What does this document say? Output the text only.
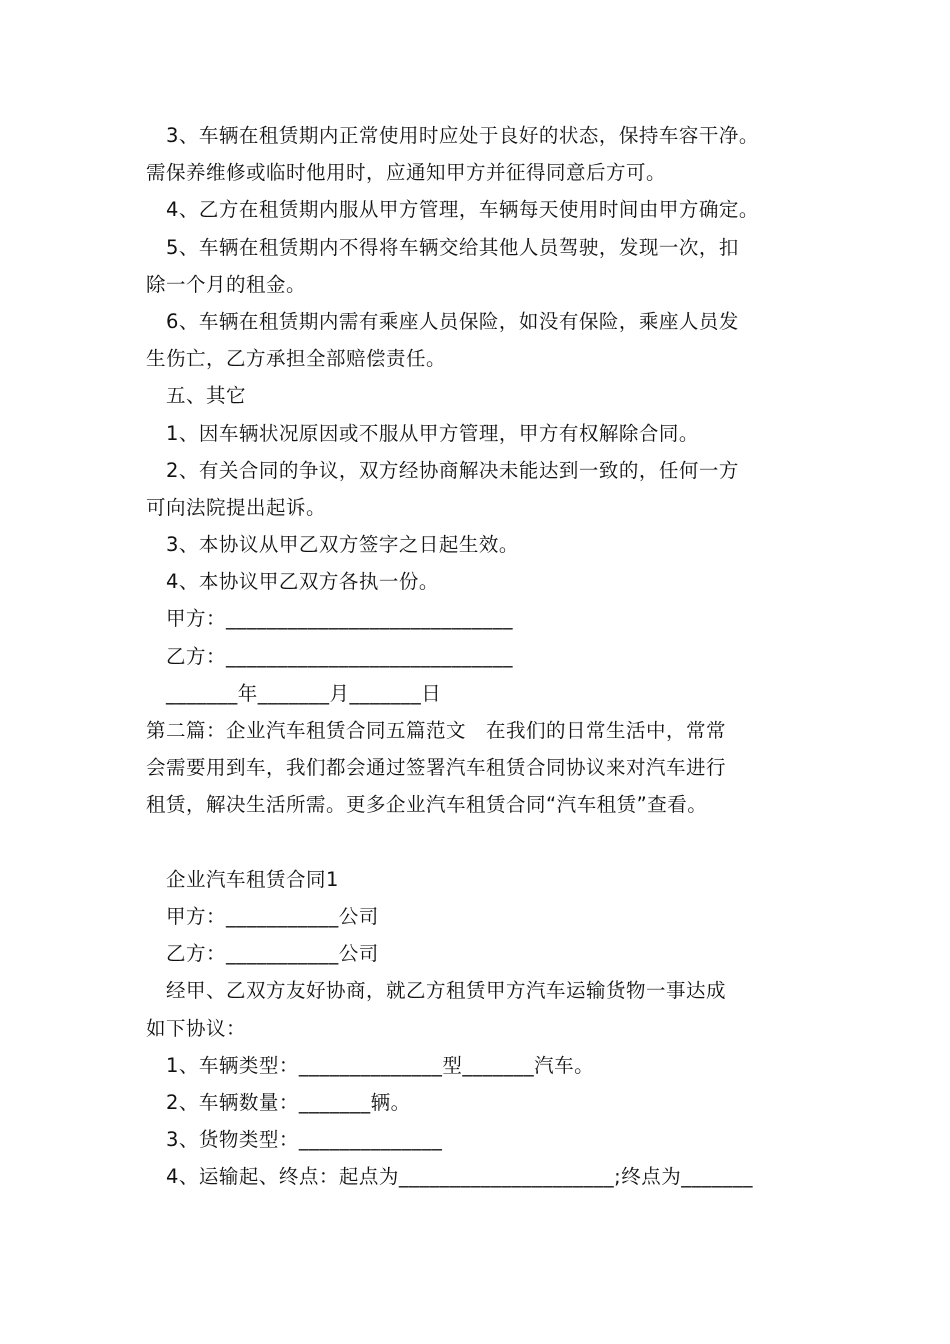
3、车辆在租赁期内正常使用时应处于良好的状态，保持车容干净。
需保养维修或临时他用时，应通知甲方并征得同意后方可。
4、乙方在租赁期内服从甲方管理，车辆每天使用时间由甲方确定。
5、车辆在租赁期内不得将车辆交给其他人员驾驶，发现一次，扣
除一个月的租金。
6、车辆在租赁期内需有乘座人员保险，如没有保险，乘座人员发
生伤亡，乙方承担全部赔偿责任。
五、其它
1、因车辆状况原因或不服从甲方管理，甲方有权解除合同。
2、有关合同的争议，双方经协商解决未能达到一致的，任何一方
可向法院提出起诉。
3、本协议从甲乙双方签字之日起生效。
4、本协议甲乙双方各执一份。
甲方：____________________________
乙方：____________________________
_______年_______月_______日
第二篇：企业汽车租赁合同五篇范文　在我们的日常生活中，常常
会需要用到车，我们都会通过签署汽车租赁合同协议来对汽车进行
租赁，解决生活所需。更多企业汽车租赁合同“汽车租赁”查看。
企业汽车租赁合同1
甲方：___________公司
乙方：___________公司
经甲、乙双方友好协商，就乙方租赁甲方汽车运输货物一事达成
如下协议：
1、车辆类型：______________型_______汽车。
2、车辆数量：_______辆。
3、货物类型：______________
4、运输起、终点：起点为_____________________;终点为_______
